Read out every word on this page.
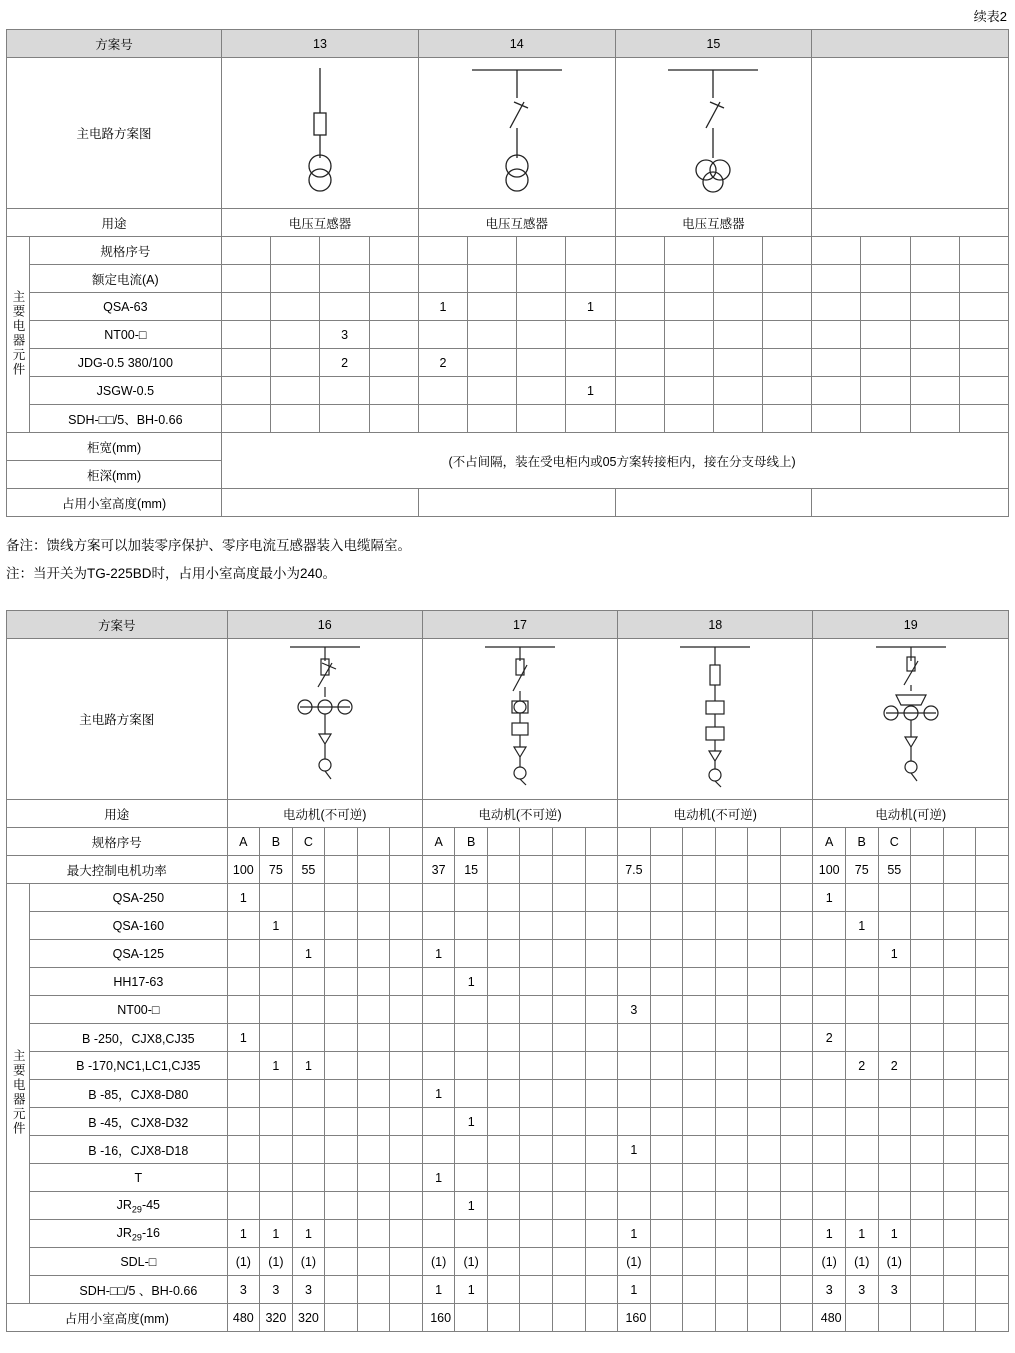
续表2
方案号		13				14				15							
主电路方案图	

用途		电压互感器				电压互感器				电压互感器							
主要电器元件	规格序号																
	额定电流(A)																
	QSA-63					1			1								
	NT00-□			3													
	JDG-0.5 380/100			2		2											
	JSGW-0.5								1								
	SDH-□□/5、BH-0.66																
柜宽(mm)		(不占间隔，装在受电柜内或05方案转接柜内，接在分支母线上)															
柜深(mm)																	
占用小室高度(mm)																	
备注：馈线方案可以加装零序保护、零序电流互感器装入电缆隔室。
注：当开关为TG-225BD时，占用小室高度最小为240。
方案号		16						17						18						19					
主电路方案图	

用途		电动机(不可逆)						电动机(不可逆)						电动机(不可逆)						电动机(可逆)					
规格序号		A	B	C				A	B											A	B	C			
最大控制电机功率		100	75	55				37	15					7.5						100	75	55			
主要电器元件	QSA-250	1																		1					
	QSA-160		1																		1				
	QSA-125			1				1														1			
	HH17-63								1																
	NT00-□													3											
	B -250，CJX8,CJ35	1																		2					
	B -170,NC1,LC1,CJ35		1	1																	2	2			
	B -85，CJX8-D80							1																	
	B -45，CJX8-D32								1																
	B -16，CJX8-D18													1											
	T							1																	
	$JR_{29}-45$								1																
	$JR_{29}-16$	1	1	1										1						1	1	1			
	SDL-□	(1)	(1)	(1)				(1)	(1)					(1)						(1)	(1)	(1)			
	SDH-□□/5 、BH-0.66	3	3	3				1	1					1						3	3	3			
占用小室高度(mm)		480	320	320				160						160						480					
